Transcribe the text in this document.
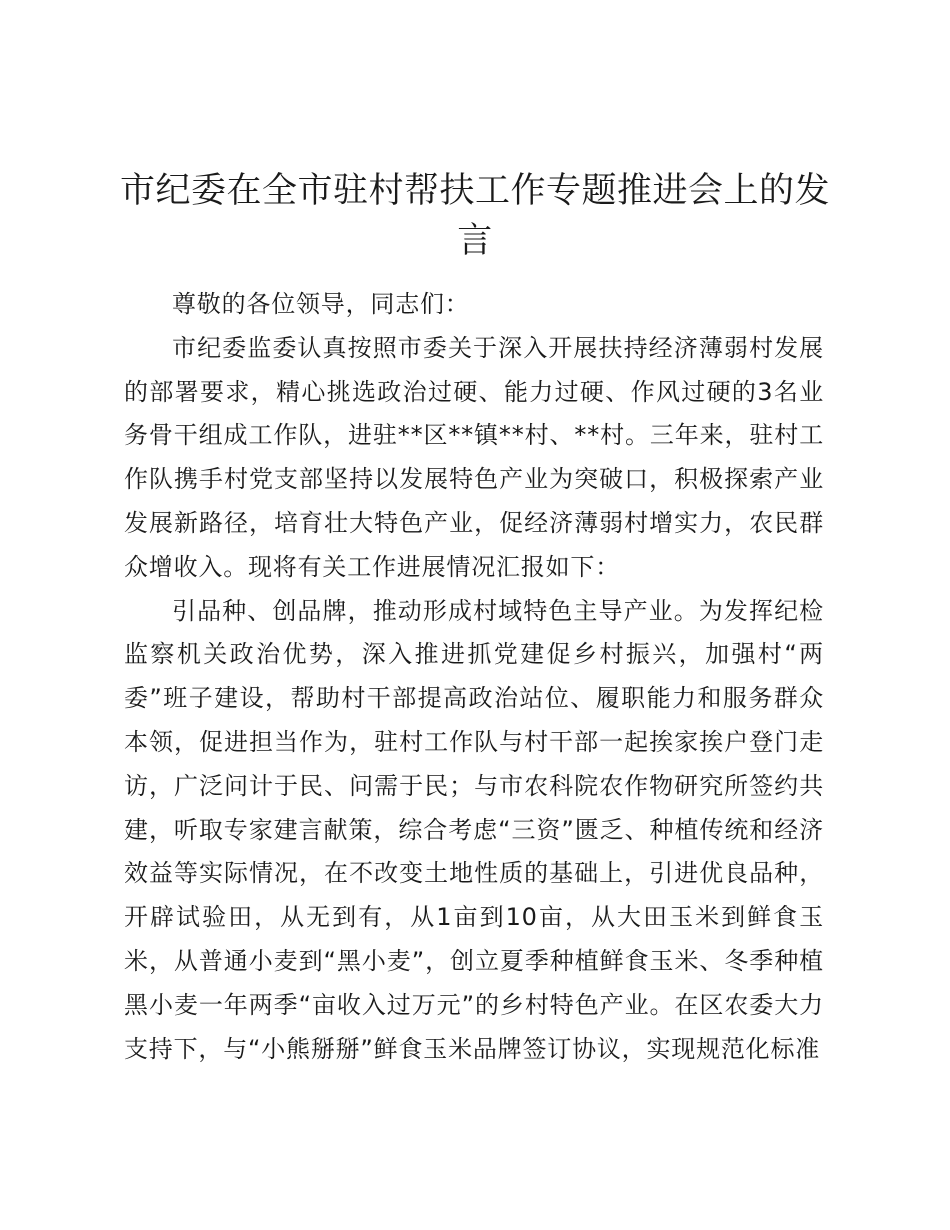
市纪委在全市驻村帮扶工作专题推进会上的发言

尊敬的各位领导，同志们：

市纪委监委认真按照市委关于深入开展扶持经济薄弱村发展的部署要求，精心挑选政治过硬、能力过硬、作风过硬的3名业务骨干组成工作队，进驻**区**镇**村、**村。三年来，驻村工作队携手村党支部坚持以发展特色产业为突破口，积极探索产业发展新路径，培育壮大特色产业，促经济薄弱村增实力，农民群众增收入。现将有关工作进展情况汇报如下：

引品种、创品牌，推动形成村域特色主导产业。为发挥纪检监察机关政治优势，深入推进抓党建促乡村振兴，加强村“两委”班子建设，帮助村干部提高政治站位、履职能力和服务群众本领，促进担当作为，驻村工作队与村干部一起挨家挨户登门走访，广泛问计于民、问需于民；与市农科院农作物研究所签约共建，听取专家建言献策，综合考虑“三资”匮乏、种植传统和经济效益等实际情况，在不改变土地性质的基础上，引进优良品种，开辟试验田，从无到有，从1亩到10亩，从大田玉米到鲜食玉米，从普通小麦到“黑小麦”，创立夏季种植鲜食玉米、冬季种植黑小麦一年两季“亩收入过万元”的乡村特色产业。在区农委大力支持下，与“小熊掰掰”鲜食玉米品牌签订协议，实现规范化标准
